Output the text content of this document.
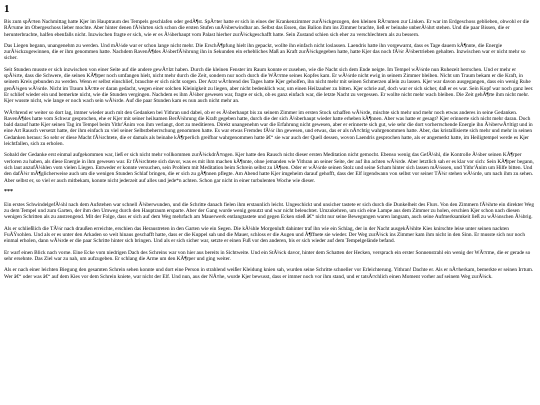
1

Bis zum spÃ¤ten Nachmittag hatte Kjer im Hauptraum des Tempels geschlafen oder gedÃ¶st. SpÃ¤ter hatte er sich in eines der Krankenzimmer zurÃ¼ckgezogen, den kleinen RÃ¤umen zur Linken. Er war im Erdgeschoss geblieben, obwohl er die RÃ¤ume im Obergeschoss lieber mochte. Aber hinter denen fÃ¼hrten sich schon die ersten Stufen unÃ¼berwindbar an. Selbst das Essen, das Balion ihm ins Zimmer brachte, ließ er beinahe unberÃ¼hrt stehen. Und die paar Bissen, die er herunterbrachte, halfen ebenfalls nicht. Inzwischen fragte er sich, wie er es Ã¼berhaupt vom Palast hierher zurÃ¼ckgeschafft hatte. Sein Zustand schien sich eher zu verschlechtern als zu bessern.

Das Liegen begann, unangenehm zu werden. Und mÃ¼de war er schon lange nicht mehr. Die ErschÃ¶pfung hielt ihn gepackt, wollte ihn einfach nicht loslassen. Laendris hatte ihn vorgewarnt, dass es Tage dauern kÃ¶nnte, die Energie zurÃ¼ckzugewinnen, die er ihm genommen hatte. Nachdem RavenÃ¶des Ã¼berfÃ¼hrung ihn in Sekunden ein erhebliches Maß an Kraft zurÃ¼ckgegeben hatte, hatte Kjer das noch fÃ¼r Ã¼bertrieben gehalten. Inzwischen war er nicht mehr so sicher.

Seit Stunden musste er sich inzwischen von einer Seite auf die andere gewÃ¤lzt haben. Durch die kleinen Fenster im Raum konnte er zusehen, wie die Nacht sich dem Ende neigte. Im Tempel wÃ¼rde nun Ruhezeit herrschen. Und er mehr er spÃ¼rte, dass die Schwere, die seinen KÃ¶rper noch umfangen hielt, nicht mehr durch die Zeit, sondern nur noch durch die WÃ¤rme seines Kopfes kam. Er wÃ¼rde nicht ewig in seinem Zimmer bleiben. Nicht um Traum bekam er die Kraft, in seinem Kreis gebunden zu werden. Wenn er selbst einschlief, brauchte er sich nicht sorgen. Der Arzt wÃ¤hrend des Tages hatte Kjer geholfen, ihn nicht mehr mit seinen Schmerzen allein zu lassen. Kjer war davon ausgegangen, dass ein wenig Ruhe genÃ¼gen wÃ¼rde. Nicht im Traum hÃ¤tte er daran gedacht, wegen einer solchen Kleinigkeit zu liegen, aber nicht bedenklich war, um einen Heilzauber zu bitten. Kjer schrie auf, doch war er sich sicher, daß er es war. Sein Kopf war noch ganz leer. Er schlief wieder ein und bemerkte nicht, wie die Stunden vergingen. Nachdem es ihm Ã¼ber gewesen war, fragte er sich, ob es ganz einfach war, die letzte Nacht zu vergessen. Er wollte nicht mehr wach bleiben. Die Zeit gehÃ¶rte ihm nicht mehr. Kjer wusste nicht, wie lange er noch wach sein wÃ¼rde. Auf die paar Stunden kam es nun auch nicht mehr an.

WÃ¤hrend er weiter so dort lag, immer wieder auch mit den Gedanken bei Yithran und dabei, ob er es Ã¼berhaupt bis zu seinem Zimmer im ersten Stock schaffen wÃ¼rde, mischte sich mehr und mehr noch etwas anderes in seine Gedanken. RavenÃ¶des hatte vom Schwur gesprochen, ehe er Kjer mit seiner heilsamen BerÃ¼hrung die Kraft gegeben hatte, durch die der sich Ã¼berhaupt wieder hatte erheben kÃ¶nnen. Aber was hatte er gesagt? Kjer erinnerte sich nicht mehr daran. Doch bald darauf hatte Kjer seinen Tag im Tempel beim Yithr'Ánim von ihm verlangt, dort zu meditieren. Direkt unangenehm war die Erfahrung nicht gewesen, aber er erinnerte sich gut, wie sehr die dort vorherrschende Energie ihn Ã¼berwÃ¤ltigt und in eine Art Rausch versetzt hatte, der ihm einfach zu viel seiner Selbstbeherrschung genommen hatte. Es war etwas Fremdes fÃ¼r ihn gewesen, und etwas, das er als nÃ¤chtig wahrgenommen hatte. Aber, das kristallisierte sich mehr und mehr in seinen Gedanken heraus: So sehr er diese Macht fÃ¼rchtete, die er damals als beinahe kÃ¶rperlich greifbar wahrgenommen hatte â€“ sie war auch der Quell dessen, wovon Laendris gesprochen hatte, als er angemerkt hatte, im Heiligtempel werde es Kjer leichtfallen, sich zu erholen.

Sobald der Gedanke erst einmal aufgekommen war, ließ er sich nicht mehr vollkommen zurÃ¼ckdrÃ¤ngen. Kjer hatte den Rausch nicht dieser ersten Meditation nicht gemocht. Ebenso wenig das GefÃ¼hl, die Kontrolle Ã¼ber seinen KÃ¶rper verloren zu haben, als diese Energie in ihm gewesen war. Er fÃ¼rchtete sich davor, was es mit ihm machen kÃ¶nnte, ohne jemanden wie Yithran an seiner Seite, der auf ihn achten wÃ¼rde. Aber letztlich sah er es klar vor sich: Sein KÃ¶rper begann, sich laut anzufÃ¼hlen vom vielen Liegen. Entweder er konnte versuchen, sein Problem mit Meditation beim Schrein selbst zu lÃ¶sen. Oder er wÃ¼rde seinen Stolz und seine Scham hinter sich lassen mÃ¼ssen, und Yithr'Ánim um Hilfe bitten. Und den dafÃ¼r mÃ¶glicherweise auch um die wenigen Stunden Schlaf bringen, die er sich zu gÃ¶nnen pflegte. Am Abend hatte Kjer imgeheim darauf gehofft, dass der Elf irgendwann von selbst vor seiner TÃ¼r stehen wÃ¼rde, um nach ihm zu sehen. Aber selbst er, so viel er auch mitbekam, konnte nicht jederzeit auf alles und jede*n achten. Schon gar nicht in einer turbulenten Woche wie dieser.

***

Ein erstes SchwindelgefÃ¼hl nach dem Aufstehen war schnell Ã¼berwunden, und die Schritte danach fielen ihm erstaunlich leicht. Ungeschickt und unsicher tastete er sich durch die Dunkelheit des Flurs. Von den Zimmern fÃ¼hrte ein direkter Weg zu dem Tempel und zum Garten, der ihm den Umweg durch den Hauptraum ersparte. Aber der Gang wurde wenig genutzt und war nicht beleuchtet. Umzukehren, um sich eine Lampe aus dem Zimmer zu holen, erschien Kjer schon nach diesen wenigen Schritten als zu anstrengend. Mit der Folge, dass er sich auf dem Weg mehrfach am Mauerwerk entlangtastete und gegen Ecken stieß â€“ nicht nur seine Bewegungen waren langsam, auch seine Aufmerksamkeit ließ zu wÃ¼nschen Ã¼brig.

Als er schließlich die TÃ¼r nach draußen erreichte, erschien das Heraustreten in den Garten wie ein Segen. Die kÃ¼hle Morgenluft dahinter traf ihn wie ein Schlag, der in der Nacht ausgekÃ¼hlte Kies knirschte leise unter seinen nackten FuÃŸsohlen. Und als er es unter den Arkaden so weit hinaus geschafft hatte, dass er die Kuppel sah und die Mauer, schloss er die Augen und Ã¶ffnete sie wieder. Der Weg zurÃ¼ck ins Zimmer kam ihm nicht in den Sinn. Er musste sich nur noch einmal erholen, dann wÃ¼rde er die paar Schritte hinter sich bringen. Und als er sich sicher war, setzte er einen Fuß vor den anderen, bis er sich wieder auf dem Tempelgelände befand.

Er warf einen Blick nach vorne. Eine Ecke vom niedrigen Dach des Schreins war von hier aus bereits in Sichtweite. Und ein StÃ¼ck davor, hinter dem Schatten der Hecken, versprach ein erster Sonnenstrahl ein wenig der WÃ¤rme, die er gerade so sehr ersehnte. Das Ziel war zu nah, um aufzugeben. Er schlang die Arme um den KÃ¶rper und ging weiter.

Als er nach einer leichten Biegung den gesamten Schrein sehen konnte und dort eine Person in strahlend weißer Kleidung knien sah, wurden seine Schritte schneller vor Erleichterung. Yithran! Dachte er. Als er nÃ¤herkam, bemerkte er seinen Irrtum. Wer â€“ oder was â€“ auf dem Kies vor dem Schrein kniete, war nicht der Elf. Und nun, aus der NÃ¤he, wurde Kjer bewusst, dass er immer noch vor ihm stand, und er tatsÃ¤chlich einen Moment vorher auf seinem Weg zurÃ¼ck.
